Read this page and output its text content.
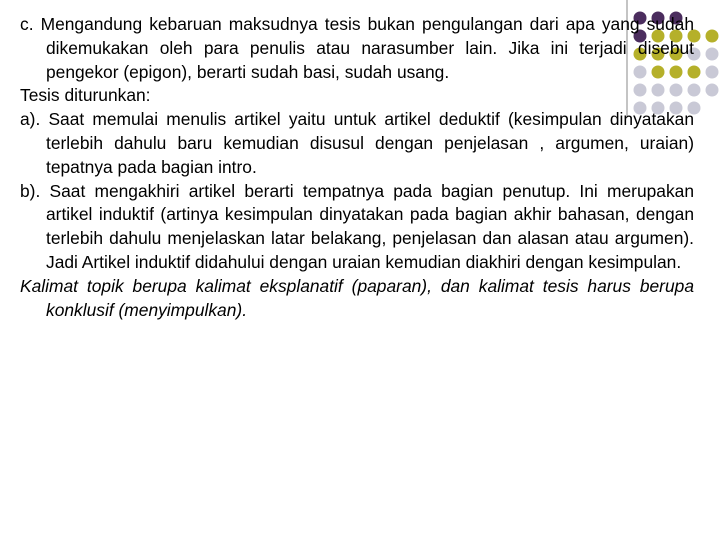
c. Mengandung kebaruan maksudnya tesis bukan pengulangan dari apa yang sudah dikemukakan oleh para penulis atau narasumber lain. Jika ini terjadi disebut pengekor (epigon), berarti sudah basi, sudah usang.

Tesis diturunkan:

a). Saat memulai menulis artikel yaitu untuk artikel deduktif (kesimpulan dinyatakan terlebih dahulu baru kemudian disusul dengan penjelasan , argumen, uraian) tepatnya pada bagian intro.

b). Saat mengakhiri artikel berarti tempatnya pada bagian penutup. Ini merupakan artikel induktif (artinya kesimpulan dinyatakan pada bagian akhir bahasan, dengan terlebih dahulu menjelaskan latar belakang, penjelasan dan alasan atau argumen). Jadi Artikel induktif didahului dengan uraian kemudian diakhiri dengan kesimpulan.

Kalimat topik berupa kalimat eksplanatif (paparan), dan kalimat tesis harus berupa konklusif (menyimpulkan).
